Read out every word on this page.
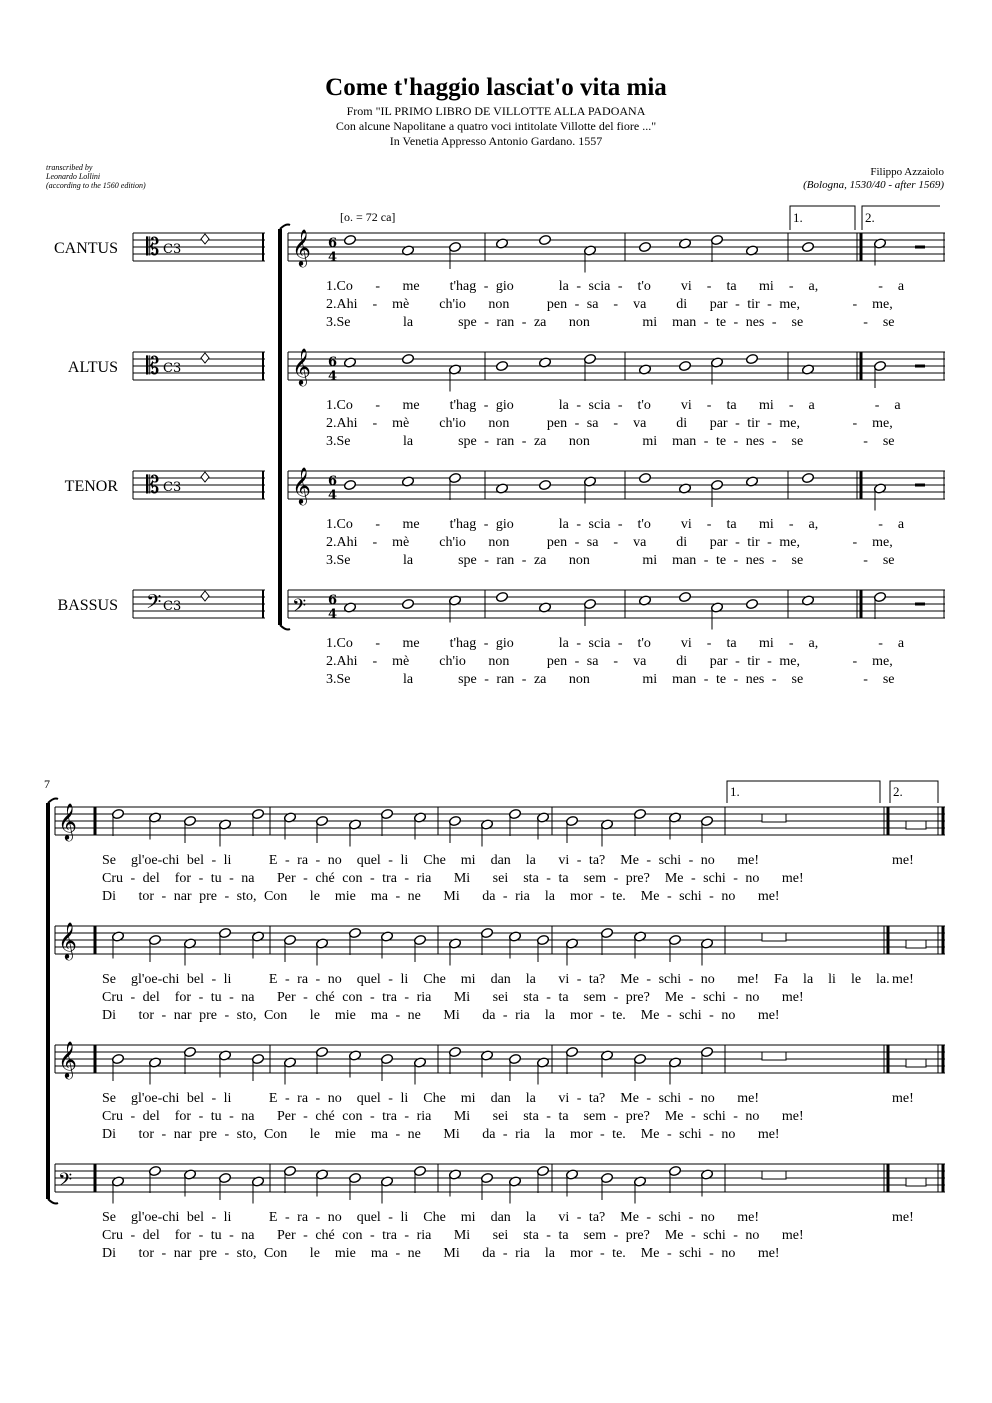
Come t'haggio lasciat'o vita mia
From "IL PRIMO LIBRO DE VILLOTTE ALLA PADOANA
Con alcune Napolitane a quatro voci intitolate Villotte del fiore ..."
In Venetia Appresso Antonio Gardano. 1557
transcribed by
Leonardo Lollini
(according to the 1560 edition)
Filippo Azzaiolo
(Bologna, 1530/40 - after 1569)
CANTUS
ALTUS
TENOR
BASSUS
[ο. = 72 ca]	1.	2.
1.	2.
7
1.Co   -   me    t'hag - gio      la - scia -  t'o    vi  -  ta   mi  -  a,        -  a
2.Ahi  -  mè    ch'io   non     pen - sa  -  va    di   par - tir - me,       -  me,
3.Se       la      spe - ran - za   non       mi  man - te - nes -  se        -  se
1.Co   -   me    t'hag - gio      la - scia -  t'o    vi  -  ta   mi  -  a        -  a
2.Ahi  -  mè    ch'io   non     pen - sa  -  va    di   par - tir - me,       -  me,
3.Se       la      spe - ran - za   non       mi  man - te - nes -  se        -  se
1.Co   -   me    t'hag - gio      la - scia -  t'o    vi  -  ta   mi  -  a,        -  a
2.Ahi  -  mè    ch'io   non     pen - sa  -  va    di   par - tir - me,       -  me,
3.Se       la      spe - ran - za   non       mi  man - te - nes -  se        -  se
1.Co   -   me    t'hag - gio      la - scia -  t'o    vi  -  ta   mi  -  a,        -  a
2.Ahi  -  mè    ch'io   non     pen - sa  -  va    di   par - tir - me,       -  me,
3.Se       la      spe - ran - za   non       mi  man - te - nes -  se        -  se
Se  gl'oe-chi bel - li     E - ra - no  quel - li  Che  mi  dan  la   vi - ta?  Me - schi - no   me!
Cru - del  for - tu - na   Per - ché con - tra - ria   Mi   sei  sta - ta  sem - pre?  Me - schi - no   me!
Di   tor - nar pre - sto, Con   le  mie  ma - ne   Mi   da - ria  la  mor - te.  Me - schi - no   me!
Se  gl'oe-chi bel - li     E - ra - no  quel - li  Che  mi  dan  la   vi - ta?  Me - schi - no   me!  Fa  la  li  le  la.
Cru - del  for - tu - na   Per - ché con - tra - ria   Mi   sei  sta - ta  sem - pre?  Me - schi - no   me!
Di   tor - nar pre - sto, Con   le  mie  ma - ne   Mi   da - ria  la  mor - te.  Me - schi - no   me!
Se  gl'oe-chi bel - li     E - ra - no  quel - li  Che  mi  dan  la   vi - ta?  Me - schi - no   me!
Cru - del  for - tu - na   Per - ché con - tra - ria   Mi   sei  sta - ta  sem - pre?  Me - schi - no   me!
Di   tor - nar pre - sto, Con   le  mie  ma - ne   Mi   da - ria  la  mor - te.  Me - schi - no   me!
Se  gl'oe-chi bel - li     E - ra - no  quel - li  Che  mi  dan  la   vi - ta?  Me - schi - no   me!
Cru - del  for - tu - na   Per - ché con - tra - ria   Mi   sei  sta - ta  sem - pre?  Me - schi - no   me!
Di   tor - nar pre - sto, Con   le  mie  ma - ne   Mi   da - ria  la  mor - te.  Me - schi - no   me!
me!
me!
me!
me!
𝄡 C3	𝄞 6
4
𝄡 C3	𝄞 6
4
𝄡 C3	𝄞 6
4
𝄢 C3	𝄢 6
4
𝄞
𝄞
𝄞
𝄢
